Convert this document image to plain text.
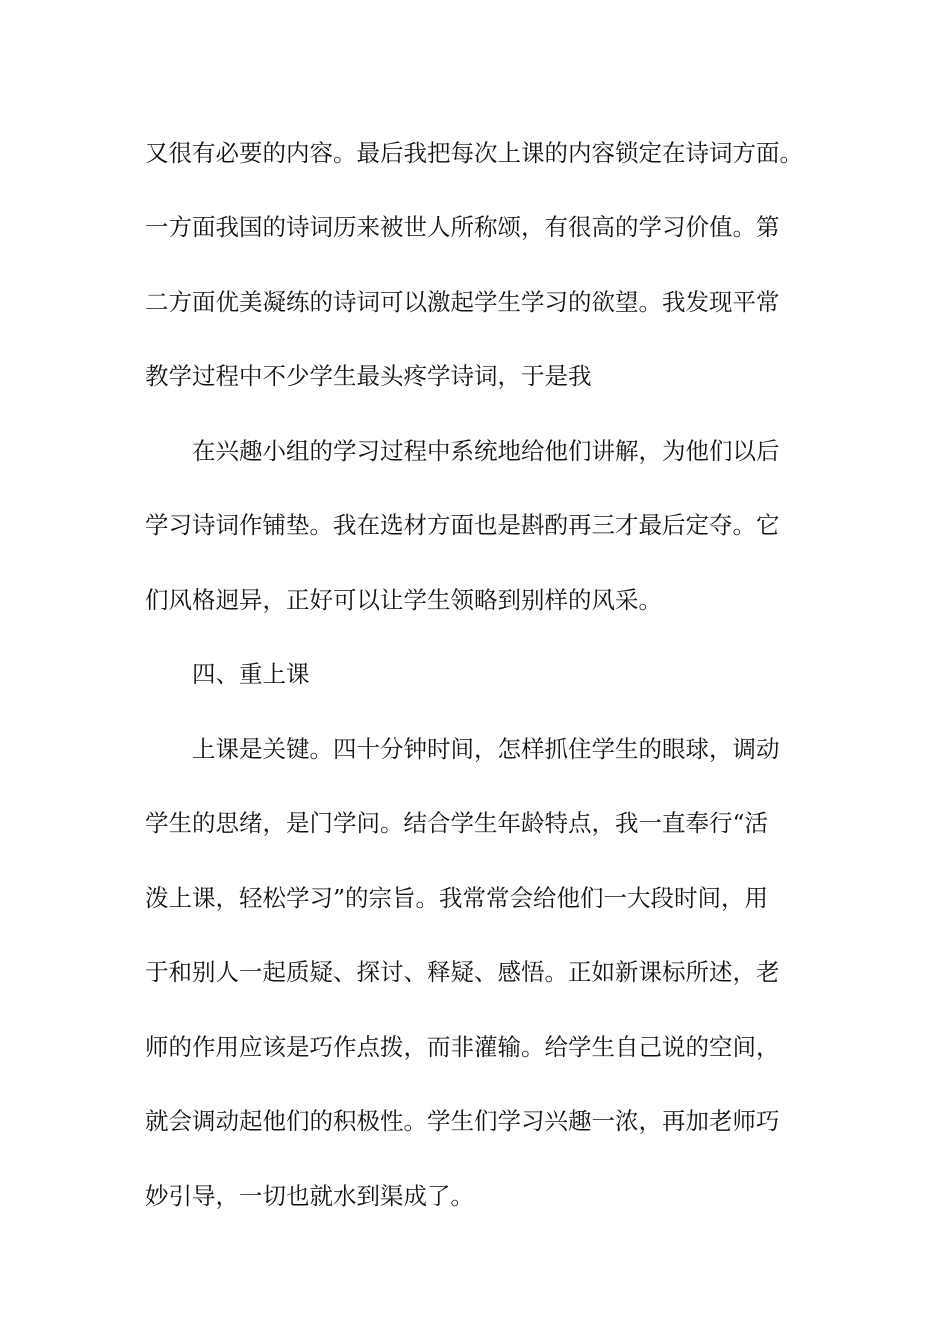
又很有必要的内容。最后我把每次上课的内容锁定在诗词方面。
一方面我国的诗词历来被世人所称颂，有很高的学习价值。第
二方面优美凝练的诗词可以激起学生学习的欲望。我发现平常
教学过程中不少学生最头疼学诗词，于是我
在兴趣小组的学习过程中系统地给他们讲解，为他们以后
学习诗词作铺垫。我在选材方面也是斟酌再三才最后定夺。它
们风格迥异，正好可以让学生领略到别样的风采。
四、重上课
上课是关键。四十分钟时间，怎样抓住学生的眼球，调动
学生的思绪，是门学问。结合学生年龄特点，我一直奉行“活
泼上课，轻松学习”的宗旨。我常常会给他们一大段时间，用
于和别人一起质疑、探讨、释疑、感悟。正如新课标所述，老
师的作用应该是巧作点拨，而非灌输。给学生自己说的空间，
就会调动起他们的积极性。学生们学习兴趣一浓，再加老师巧
妙引导，一切也就水到渠成了。
